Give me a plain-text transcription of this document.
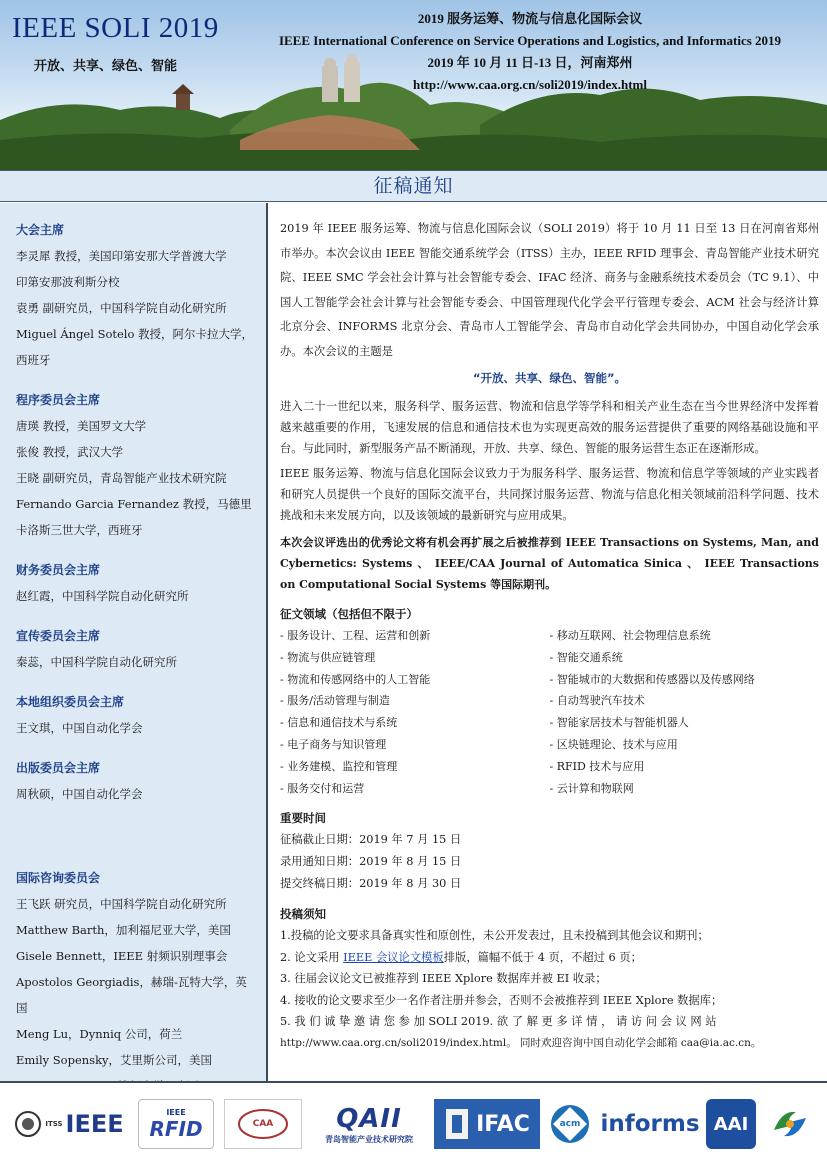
IEEE SOLI 2019
开放、共享、绿色、智能
2019 服务运筹、物流与信息化国际会议
IEEE International Conference on Service Operations and Logistics, and Informatics 2019
2019 年 10 月 11 日-13 日，河南郑州
http://www.caa.org.cn/soli2019/index.html
征稿通知
大会主席
李灵犀 教授，美国印第安那大学普渡大学
印第安那波利斯分校
袁勇 副研究员，中国科学院自动化研究所
Miguel Ángel Sotelo 教授，阿尔卡拉大学，
西班牙
程序委员会主席
唐瑛 教授，美国罗文大学
张俊 教授，武汉大学
王晓 副研究员，青岛智能产业技术研究院
Fernando Garcia Fernandez 教授，马德里
卡洛斯三世大学，西班牙
财务委员会主席
赵红霞，中国科学院自动化研究所
宣传委员会主席
秦蕊，中国科学院自动化研究所
本地组织委员会主席
王文琪，中国自动化学会
出版委员会主席
周秋硕，中国自动化学会
国际咨询委员会
王飞跃 研究员，中国科学院自动化研究所
Matthew Barth，加利福尼亚大学，美国
Gisele Bennett，IEEE 射频识别理事会
Apostolos Georgiadis，赫瑞-瓦特大学，英国
Meng Lu，Dynniq 公司，荷兰
Emily Sopensky，艾里斯公司，美国

2019 年 IEEE 服务运筹、物流与信息化国际会议（SOLI 2019）将于 10 月 11 日至 13 日在河南省郑州市举办。本次会议由 IEEE 智能交通系统学会（ITSS）主办，IEEE RFID 理事会、青岛智能产业技术研究院、IEEE SMC 学会社会计算与社会智能专委会、IFAC 经济、商务与金融系统技术委员会（TC 9.1）、中国人工智能学会社会计算与社会智能专委会、中国管理现代化学会平行管理专委会、ACM 社会与经济计算北京分会、INFORMS 北京分会、青岛市人工智能学会、青岛市自动化学会共同协办，中国自动化学会承办。本次会议的主题是

“开放、共享、绿色、智能”。

进入二十一世纪以来，服务科学、服务运营、物流和信息学等学科和相关产业生态在当今世界经济中发挥着越来越重要的作用，飞速发展的信息和通信技术也为实现更高效的服务运营提供了重要的网络基础设施和平台。与此同时，新型服务产品不断涌现，开放、共享、绿色、智能的服务运营生态正在逐渐形成。

IEEE 服务运筹、物流与信息化国际会议致力于为服务科学、服务运营、物流和信息学等领域的产业实践者和研究人员提供一个良好的国际交流平台，共同探讨服务运营、物流与信息化相关领域前沿科学问题、技术挑战和未来发展方向，以及该领域的最新研究与应用成果。

本次会议评选出的优秀论文将有机会再扩展之后被推荐到 IEEE Transactions on Systems, Man, and Cybernetics: Systems 、 IEEE/CAA Journal of Automatica Sinica 、 IEEE Transactions on Computational Social Systems 等国际期刊。

征文领域（包括但不限于）
- 服务设计、工程、运营和创新
- 物流与供应链管理
- 物流和传感网络中的人工智能
- 服务/活动管理与制造
- 信息和通信技术与系统
- 电子商务与知识管理
- 业务建模、监控和管理
- 服务交付和运营
- 移动互联网、社会物理信息系统
- 智能交通系统
- 智能城市的大数据和传感器以及传感网络
- 自动驾驶汽车技术
- 智能家居技术与智能机器人
- 区块链理论、技术与应用
- RFID 技术与应用
- 云计算和物联网
重要时间
征稿截止日期：2019 年 7 月 15 日
录用通知日期：2019 年 8 月 15 日
提交终稿日期：2019 年 8 月 30 日
投稿须知
1.投稿的论文要求具备真实性和原创性，未公开发表过，且未投稿到其他会议和期刊；
2. 论文采用 IEEE 会议论文模板排版，篇幅不低于 4 页，不超过 6 页；
3. 往届会议论文已被推荐到 IEEE Xplore 数据库并被 EI 收录；
4. 接收的论文要求至少一名作者注册并参会，否则不会被推荐到 IEEE Xplore 数据库；
5. 我 们 诚 挚 邀 请 您 参 加 SOLI 2019. 欲 了 解 更 多 详 情 ， 请 访 问 会 议 网 站
http://www.caa.org.cn/soli2019/index.html。 同时欢迎咨询中国自动化学会邮箱 caa@ia.ac.cn。
ITSS IEEE	IEEE
RFID	CAA QAII
青岛智能产业技术研究院
IFAC	acm informs AAI
